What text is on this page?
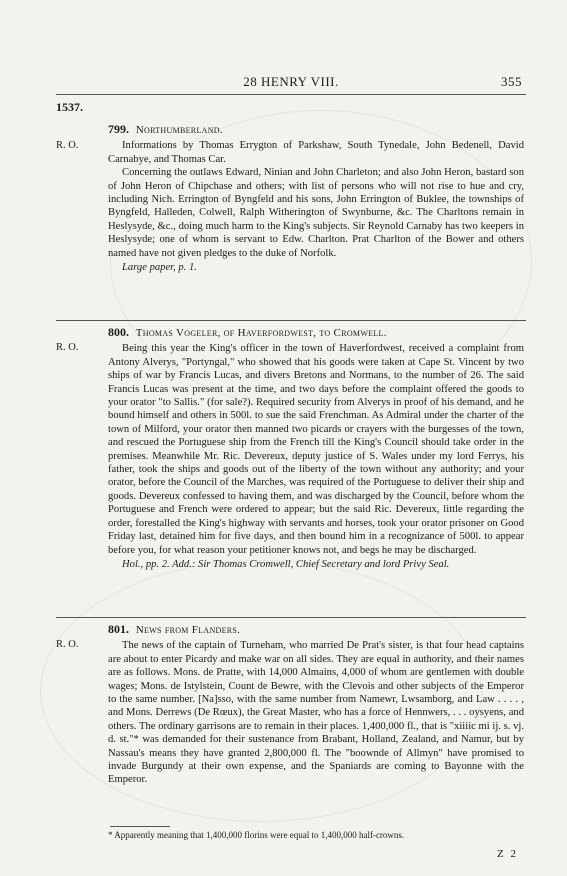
28 HENRY VIII.	355
1537.
R. O.
799. Northumberland.

Informations by Thomas Errygton of Parkshaw, South Tynedale, John Bedenell, David Carnabye, and Thomas Car.

Concerning the outlaws Edward, Ninian and John Charleton; and also John Heron, bastard son of John Heron of Chipchase and others; with list of persons who will not rise to hue and cry, including Nich. Errington of Byngfeld and his sons, John Errington of Buklee, the townships of Byngfeld, Halleden, Colwell, Ralph Witherington of Swynburne, &c. The Charltons remain in Heslysyde, &c., doing much harm to the King's subjects. Sir Reynold Carnaby has two keepers in Heslysyde; one of whom is servant to Edw. Charlton. Prat Charlton of the Bower and others named have not given pledges to the duke of Norfolk.

Large paper, p. 1.

R. O.
800. Thomas Vogeler, of Haverfordwest, to Cromwell.

Being this year the King's officer in the town of Haverfordwest, received a complaint from Antony Alverys, "Portyngal," who showed that his goods were taken at Cape St. Vincent by two ships of war by Francis Lucas, and divers Bretons and Normans, to the number of 26. The said Francis Lucas was present at the time, and two days before the complaint offered the goods to your orator "to Sallis." (for sale?). Required security from Alverys in proof of his demand, and he bound himself and others in 500l. to sue the said Frenchman. As Admiral under the charter of the town of Milford, your orator then manned two picards or crayers with the burgesses of the town, and rescued the Portuguese ship from the French till the King's Council should take order in the premises. Meanwhile Mr. Ric. Devereux, deputy justice of S. Wales under my lord Ferrys, his father, took the ships and goods out of the liberty of the town without any authority; and your orator, before the Council of the Marches, was required of the Portuguese to deliver their ship and goods. Devereux confessed to having them, and was discharged by the Council, before whom the Portuguese and French were ordered to appear; but the said Ric. Devereux, little regarding the order, forestalled the King's highway with servants and horses, took your orator prisoner on Good Friday last, detained him for five days, and then bound him in a recognizance of 500l. to appear before you, for what reason your petitioner knows not, and begs he may be discharged.

Hol., pp. 2. Add.: Sir Thomas Cromwell, Chief Secretary and lord Privy Seal.

R. O.
801. News from Flanders.

The news of the captain of Turneham, who married De Prat's sister, is that four head captains are about to enter Picardy and make war on all sides. They are equal in authority, and their names are as follows. Mons. de Pratte, with 14,000 Almains, 4,000 of whom are gentlemen with double wages; Mons. de Istylstein, Count de Bewre, with the Clevois and other subjects of the Emperor to the same number. [Na]sso, with the same number from Namewr, Lwsamborg, and Law . . . . , and Mons. Derrews (De Rœux), the Great Master, who has a force of Hennwers, . . . oysyens, and others. The ordinary garrisons are to remain in their places. 1,400,000 fl., that is "xiiiic mi ij. s. vj. d. st."* was demanded for their sustenance from Brabant, Holland, Zealand, and Namur, but by Nassau's means they have granted 2,800,000 fl. The "boownde of Allmyn" have promised to invade Burgundy at their own expense, and the Spaniards are coming to Bayonne with the Emperor.

* Apparently meaning that 1,400,000 florins were equal to 1,400,000 half-crowns.
Z 2
